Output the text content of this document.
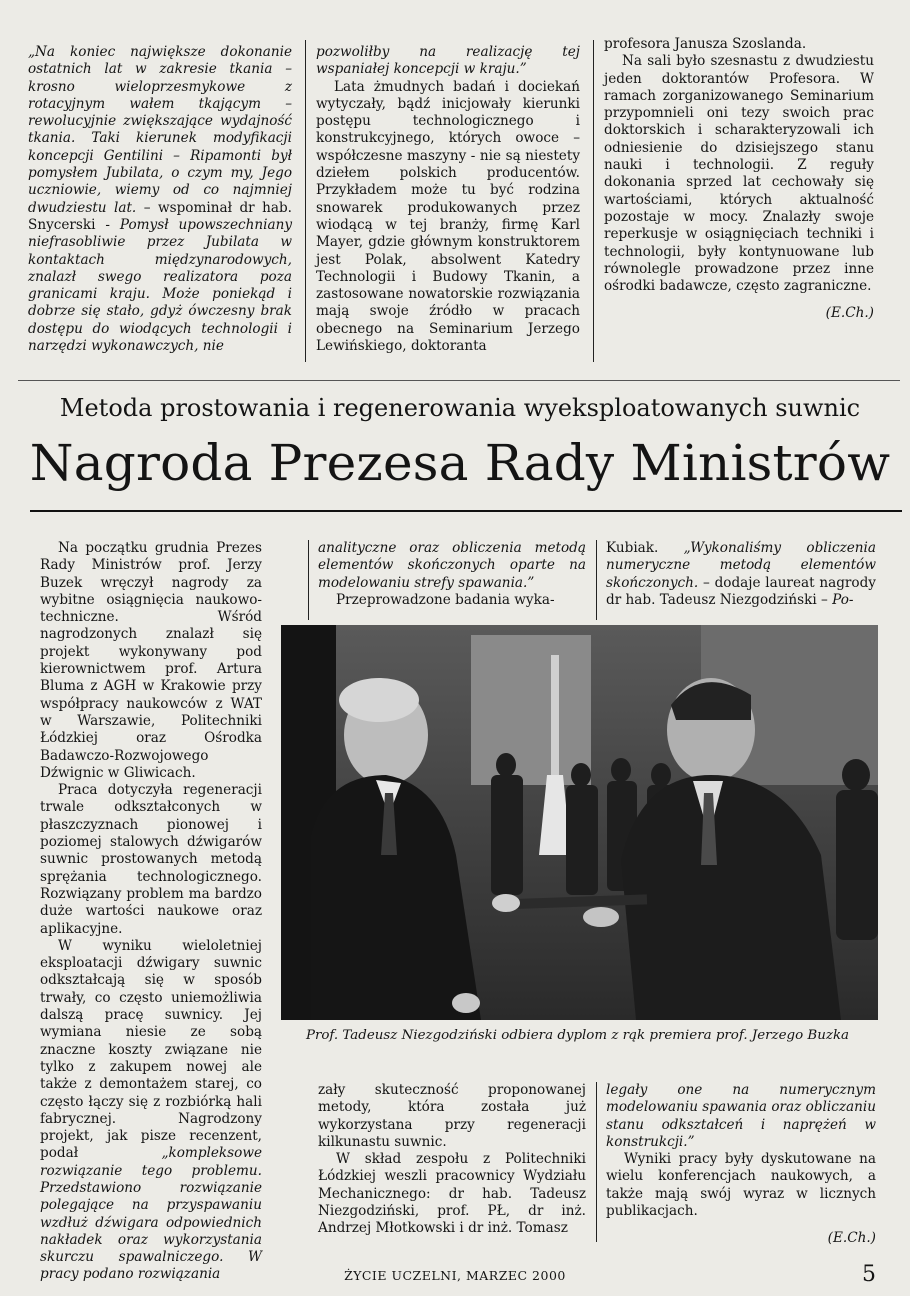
„Na koniec największe dokonanie ostatnich lat w zakresie tkania – krosno wieloprzesmykowe z rotacyjnym wałem tkającym – rewolucyjnie zwiększające wydajność tkania. Taki kierunek modyfikacji koncepcji Gentilini – Ripamonti był pomysłem Jubilata, o czym my, Jego uczniowie, wiemy od co najmniej dwudziestu lat. – wspominał dr hab. Snycerski - Pomysł upowszechniany niefrasobliwie przez Jubilata w kontaktach międzynarodowych, znalazł swego realizatora poza granicami kraju. Może poniekąd i dobrze się stało, gdyż ówczesny brak dostępu do wiodących technologii i narzędzi wykonawczych, nie

pozwoliłby na realizację tej wspaniałej koncepcji w kraju.”

Lata żmudnych badań i dociekań wytyczały, bądź inicjowały kierunki postępu technologicznego i konstrukcyjnego, których owoce – współczesne maszyny - nie są niestety dziełem polskich producentów. Przykładem może tu być rodzina snowarek produkowanych przez wiodącą w tej branży, firmę Karl Mayer, gdzie głównym konstruktorem jest Polak, absolwent Katedry Technologii i Budowy Tkanin, a zastosowane nowatorskie rozwiązania mają swoje źródło w pracach obecnego na Seminarium Jerzego Lewińskiego, doktoranta

profesora Janusza Szoslanda.

Na sali było szesnastu z dwudziestu jeden doktorantów Profesora. W ramach zorganizowanego Seminarium przypomnieli oni tezy swoich prac doktorskich i scharakteryzowali ich odniesienie do dzisiejszego stanu nauki i technologii. Z reguły dokonania sprzed lat cechowały się wartościami, których aktualność pozostaje w mocy. Znalazły swoje reperkusje w osiągnięciach techniki i technologii, były kontynuowane lub równolegle prowadzone przez inne ośrodki badawcze, często zagraniczne.

(E.Ch.)

Metoda prostowania i regenerowania wyeksploatowanych suwnic
Nagroda Prezesa Rady Ministrów

Na początku grudnia Prezes Rady Ministrów prof. Jerzy Buzek wręczył nagrody za wybitne osiągnięcia naukowo-techniczne. Wśród nagrodzonych znalazł się projekt wykonywany pod kierownictwem prof. Artura Bluma z AGH w Krakowie przy współpracy naukowców z WAT w Warszawie, Politechniki Łódzkiej oraz Ośrodka Badawczo-Rozwojowego Dźwignic w Gliwicach.

Praca dotyczyła regeneracji trwale odkształconych w płaszczyznach pionowej i poziomej stalowych dźwigarów suwnic prostowanych metodą sprężania technologicznego. Rozwiązany problem ma bardzo duże wartości naukowe oraz aplikacyjne.

W wyniku wieloletniej eksploatacji dźwigary suwnic odkształcają się w sposób trwały, co często uniemożliwia dalszą pracę suwnicy. Jej wymiana niesie ze sobą znaczne koszty związane nie tylko z zakupem nowej ale także z demontażem starej, co często łączy się z rozbiórką hali fabrycznej. Nagrodzony projekt, jak pisze recenzent, podał „kompleksowe rozwiązanie tego problemu. Przedstawiono rozwiązanie polegające na przyspawaniu wzdłuż dźwigara odpowiednich nakładek oraz wykorzystania skurczu spawalniczego. W pracy podano rozwiązania

analityczne oraz obliczenia metodą elementów skończonych oparte na modelowaniu strefy spawania.”

Przeprowadzone badania wyka-

Kubiak. „Wykonaliśmy obliczenia numeryczne metodą elementów skończonych. – dodaje laureat nagrody dr hab. Tadeusz Niezgodziński – Po-

Prof. Tadeusz Niezgodziński odbiera dyplom z rąk premiera prof. Jerzego Buzka

zały skuteczność proponowanej metody, która została już wykorzystana przy regeneracji kilkunastu suwnic.

W skład zespołu z Politechniki Łódzkiej weszli pracownicy Wydziału Mechanicznego: dr hab. Tadeusz Niezgodziński, prof. PŁ, dr inż. Andrzej Młotkowski i dr inż. Tomasz

legały one na numerycznym modelowaniu spawania oraz obliczaniu stanu odkształceń i naprężeń w konstrukcji.”

Wyniki pracy były dyskutowane na wielu konferencjach naukowych, a także mają swój wyraz w licznych publikacjach.

(E.Ch.)

ŻYCIE UCZELNI, MARZEC 2000	5
